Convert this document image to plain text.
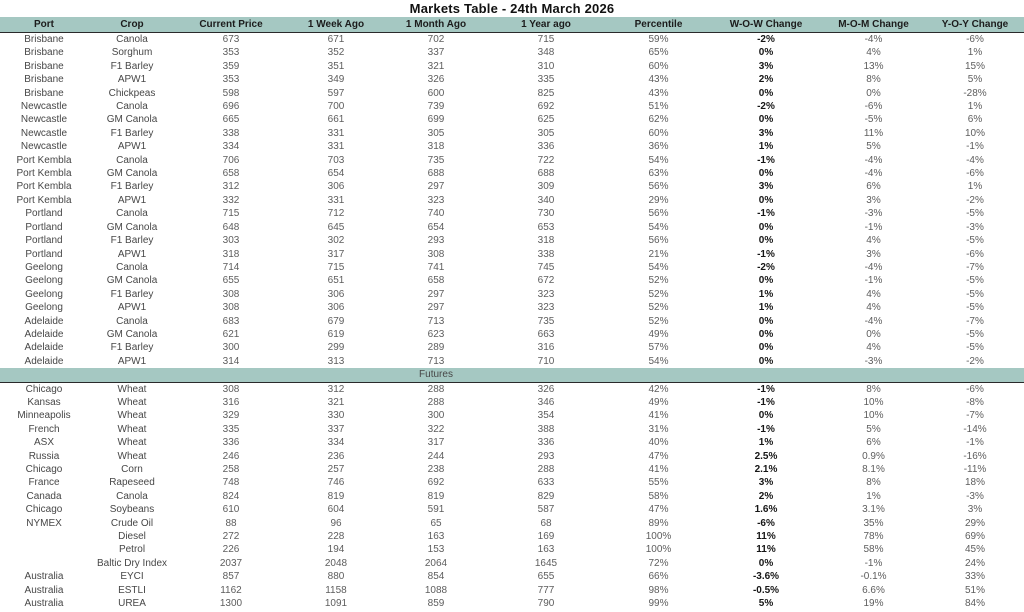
Markets Table - 24th March 2026
Port	Crop	Current Price	1 Week Ago	1 Month Ago	1 Year ago	Percentile	W-O-W Change	M-O-M Change	Y-O-Y Change
Brisbane	Canola	673	671	702	715	59%	-2%	-4%	-6%
Brisbane	Sorghum	353	352	337	348	65%	0%	4%	1%
Brisbane	F1 Barley	359	351	321	310	60%	3%	13%	15%
Brisbane	APW1	353	349	326	335	43%	2%	8%	5%
Brisbane	Chickpeas	598	597	600	825	43%	0%	0%	-28%
Newcastle	Canola	696	700	739	692	51%	-2%	-6%	1%
Newcastle	GM Canola	665	661	699	625	62%	0%	-5%	6%
Newcastle	F1 Barley	338	331	305	305	60%	3%	11%	10%
Newcastle	APW1	334	331	318	336	36%	1%	5%	-1%
Port Kembla	Canola	706	703	735	722	54%	-1%	-4%	-4%
Port Kembla	GM Canola	658	654	688	688	63%	0%	-4%	-6%
Port Kembla	F1 Barley	312	306	297	309	56%	3%	6%	1%
Port Kembla	APW1	332	331	323	340	29%	0%	3%	-2%
Portland	Canola	715	712	740	730	56%	-1%	-3%	-5%
Portland	GM Canola	648	645	654	653	54%	0%	-1%	-3%
Portland	F1 Barley	303	302	293	318	56%	0%	4%	-5%
Portland	APW1	318	317	308	338	21%	-1%	3%	-6%
Geelong	Canola	714	715	741	745	54%	-2%	-4%	-7%
Geelong	GM Canola	655	651	658	672	52%	0%	-1%	-5%
Geelong	F1 Barley	308	306	297	323	52%	1%	4%	-5%
Geelong	APW1	308	306	297	323	52%	1%	4%	-5%
Adelaide	Canola	683	679	713	735	52%	0%	-4%	-7%
Adelaide	GM Canola	621	619	623	663	49%	0%	0%	-5%
Adelaide	F1 Barley	300	299	289	316	57%	0%	4%	-5%
Adelaide	APW1	314	313	713	710	54%	0%	-3%	-2%
				Futures					
Chicago	Wheat	308	312	288	326	42%	-1%	8%	-6%
Kansas	Wheat	316	321	288	346	49%	-1%	10%	-8%
Minneapolis	Wheat	329	330	300	354	41%	0%	10%	-7%
French	Wheat	335	337	322	388	31%	-1%	5%	-14%
ASX	Wheat	336	334	317	336	40%	1%	6%	-1%
Russia	Wheat	246	236	244	293	47%	2.5%	0.9%	-16%
Chicago	Corn	258	257	238	288	41%	2.1%	8.1%	-11%
France	Rapeseed	748	746	692	633	55%	3%	8%	18%
Canada	Canola	824	819	819	829	58%	2%	1%	-3%
Chicago	Soybeans	610	604	591	587	47%	1.6%	3.1%	3%
NYMEX	Crude Oil	88	96	65	68	89%	-6%	35%	29%
	Diesel	272	228	163	169	100%	11%	78%	69%
	Petrol	226	194	153	163	100%	11%	58%	45%
	Baltic Dry Index	2037	2048	2064	1645	72%	0%	-1%	24%
Australia	EYCI	857	880	854	655	66%	-3.6%	-0.1%	33%
Australia	ESTLI	1162	1158	1088	777	98%	-0.5%	6.6%	51%
Australia	UREA	1300	1091	859	790	99%	5%	19%	84%
